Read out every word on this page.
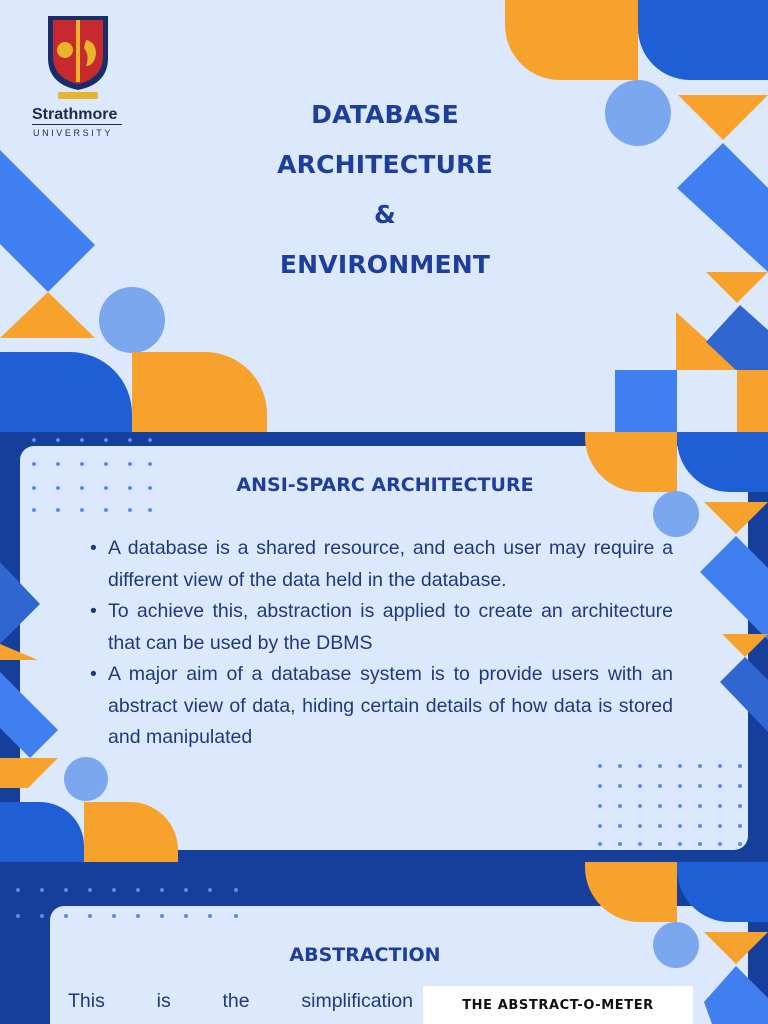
Strathmore
UNIVERSITY
DATABASE
ARCHITECTURE
&
ENVIRONMENT
ANSI-SPARC ARCHITECTURE
• A database is a shared resource, and each user may require a different view of the data held in the database.
• To achieve this, abstraction is applied to create an architecture that can be used by the DBMS
• A major aim of a database system is to provide users with an abstract view of data, hiding certain details of how data is stored and manipulated
ABSTRACTION
This is the simplification	THE ABSTRACT-O-METER
